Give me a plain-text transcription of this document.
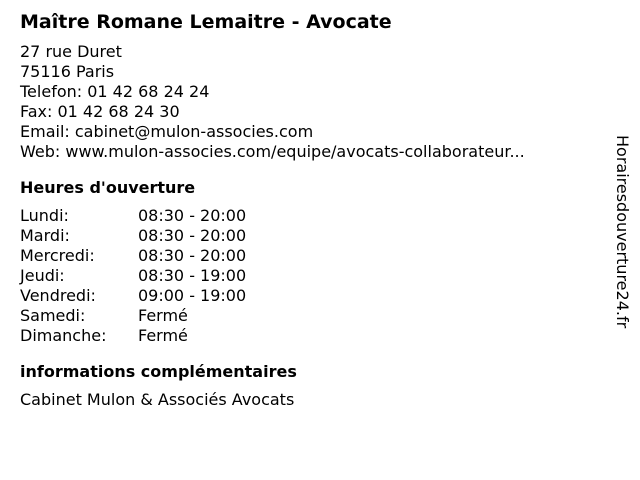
Maître Romane Lemaitre - Avocate
27 rue Duret
75116 Paris
Telefon: 01 42 68 24 24
Fax: 01 42 68 24 30
Email: cabinet@mulon-associes.com
Web: www.mulon-associes.com/equipe/avocats-collaborateur...
Heures d'ouverture
Lundi:	08:30 - 20:00
Mardi:	08:30 - 20:00
Mercredi:	08:30 - 20:00
Jeudi:	08:30 - 19:00
Vendredi:	09:00 - 19:00
Samedi:	Fermé
Dimanche:	Fermé
informations complémentaires
Cabinet Mulon & Associés Avocats
Horairesdouverture24.fr
